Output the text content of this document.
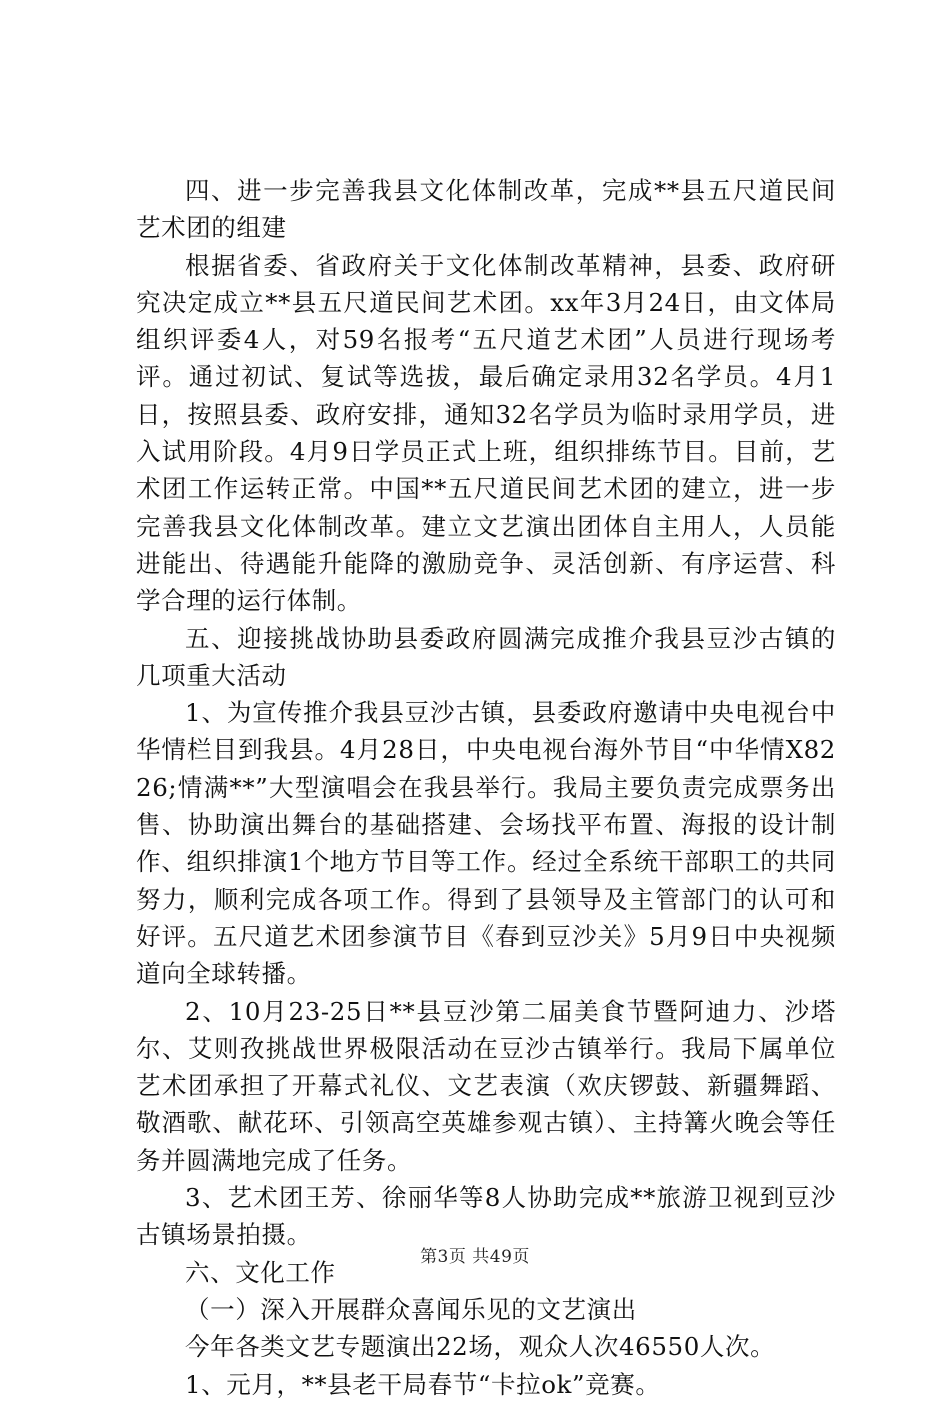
四、进一步完善我县文化体制改革，完成**县五尺道民间艺术团的组建

根据省委、省政府关于文化体制改革精神，县委、政府研究决定成立**县五尺道民间艺术团。xx年3月24日，由文体局组织评委4人，对59名报考“五尺道艺术团”人员进行现场考评。通过初试、复试等选拔，最后确定录用32名学员。4月1日，按照县委、政府安排，通知32名学员为临时录用学员，进入试用阶段。4月9日学员正式上班，组织排练节目。目前，艺术团工作运转正常。中国**五尺道民间艺术团的建立，进一步完善我县文化体制改革。建立文艺演出团体自主用人，人员能进能出、待遇能升能降的激励竞争、灵活创新、有序运营、科学合理的运行体制。

五、迎接挑战协助县委政府圆满完成推介我县豆沙古镇的几项重大活动

1、为宣传推介我县豆沙古镇，县委政府邀请中央电视台中华情栏目到我县。4月28日，中央电视台海外节目“中华情X8226;情满**”大型演唱会在我县举行。我局主要负责完成票务出售、协助演出舞台的基础搭建、会场找平布置、海报的设计制作、组织排演1个地方节目等工作。经过全系统干部职工的共同努力，顺利完成各项工作。得到了县领导及主管部门的认可和好评。五尺道艺术团参演节目《春到豆沙关》5月9日中央视频道向全球转播。

2、10月23-25日**县豆沙第二届美食节暨阿迪力、沙塔尔、艾则孜挑战世界极限活动在豆沙古镇举行。我局下属单位艺术团承担了开幕式礼仪、文艺表演（欢庆锣鼓、新疆舞蹈、敬酒歌、献花环、引领高空英雄参观古镇）、主持篝火晚会等任务并圆满地完成了任务。

3、艺术团王芳、徐丽华等8人协助完成**旅游卫视到豆沙古镇场景拍摄。

六、文化工作

（一）深入开展群众喜闻乐见的文艺演出

今年各类文艺专题演出22场，观众人次46550人次。

1、元月，**县老干局春节“卡拉ok”竞赛。

第3页 共49页
